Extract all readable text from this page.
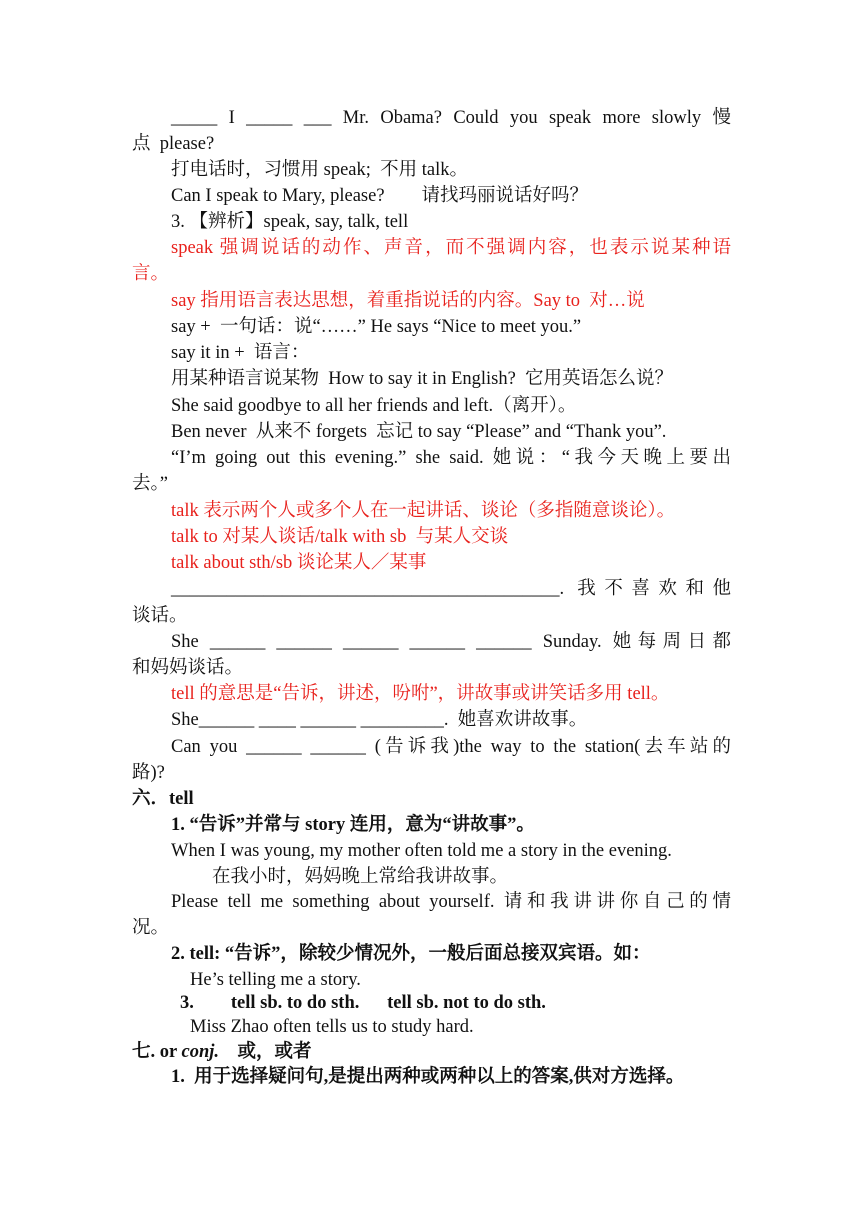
_____ I _____ ___ Mr. Obama? Could you speak more slowly 慢
点  please?
打电话时，习惯用 speak;  不用 talk。
Can I speak to Mary, please?        请找玛丽说话好吗？
3. 【辨析】speak, say, talk, tell
speak 强调说话的动作、声音，而不强调内容，也表示说某种语
言。
say 指用语言表达思想，着重指说话的内容。Say to  对…说
say +  一句话：说“……” He says “Nice to meet you.”
say it in +  语言：
用某种语言说某物  How to say it in English?  它用英语怎么说？
She said goodbye to all her friends and left.（离开）。
Ben never  从来不 forgets  忘记 to say “Please” and “Thank you”.
“I’m going out this evening.” she said. 她说：“我今天晚上要出
去。”
talk 表示两个人或多个人在一起讲话、谈论（多指随意谈论）。
talk to 对某人谈话/talk with sb  与某人交谈
talk about sth/sb 谈论某人／某事
__________________________________________. 我不喜欢和他
谈话。
She ______ ______ ______ ______ ______ Sunday. 她每周日都
和妈妈谈话。
tell 的意思是“告诉，讲述，吩咐”，讲故事或讲笑话多用 tell。
She______ ____ ______ _________.  她喜欢讲故事。
Can you ______ ______ (告诉我)the way to the station(去车站的
路)?
六．tell
1. “告诉”并常与 story 连用，意为“讲故事”。
When I was young, my mother often told me a story in the evening.
在我小时，妈妈晚上常给我讲故事。
Please tell me something about yourself. 请和我讲讲你自己的情
况。
2. tell: “告诉”，除较少情况外，一般后面总接双宾语。如：
He’s telling me a story.
3.        tell sb. to do sth.      tell sb. not to do sth.
Miss Zhao often tells us to study hard.
七. or conj.    或，或者
1.  用于选择疑问句,是提出两种或两种以上的答案,供对方选择。
